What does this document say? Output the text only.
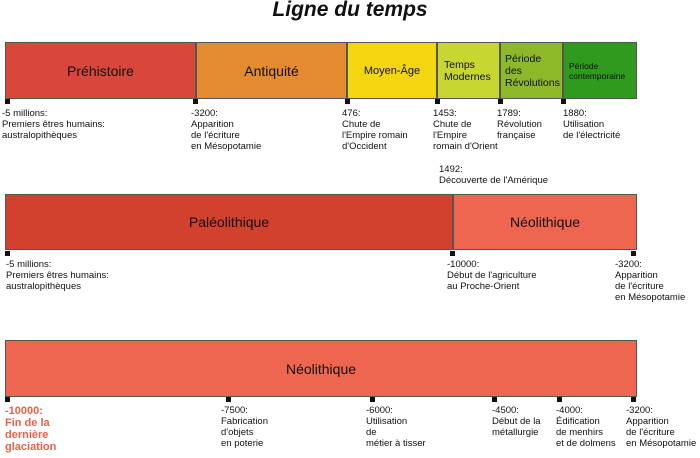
Ligne du temps
Préhistoire	Antiquité	Moyen-Âge Temps
Modernes
Période
des
Révolutions
Période
contemporaine
-5 millions:
Premiers êtres humains:
australopithèques
-3200:
Apparition
de l'écriture
en Mésopotamie
476:
Chute de
l'Empire romain
d'Occident
1453:
Chute de
l'Empire
romain d'Orient
1492:
Découverte de l'Amérique
1789:
Révolution
française
1880:
Utilisation
de l'électricité
Paléolithique	Néolithique
-5 millions:
Premiers êtres humains:
australopithèques
-10000:
Début de l'agriculture
au Proche-Orient
-3200:
Apparition
de l'écriture
en Mésopotamie
Néolithique
-10000:
Fin de la
dernière
glaciation
-7500:
Fabrication
d'objets
en poterie
-6000:
Utilisation
de
métier à tisser
-4500:
Début de la
métallurgie
-4000:
Édification
de menhirs
et de dolmens
-3200:
Apparition
de l'écriture
en Mésopotamie
